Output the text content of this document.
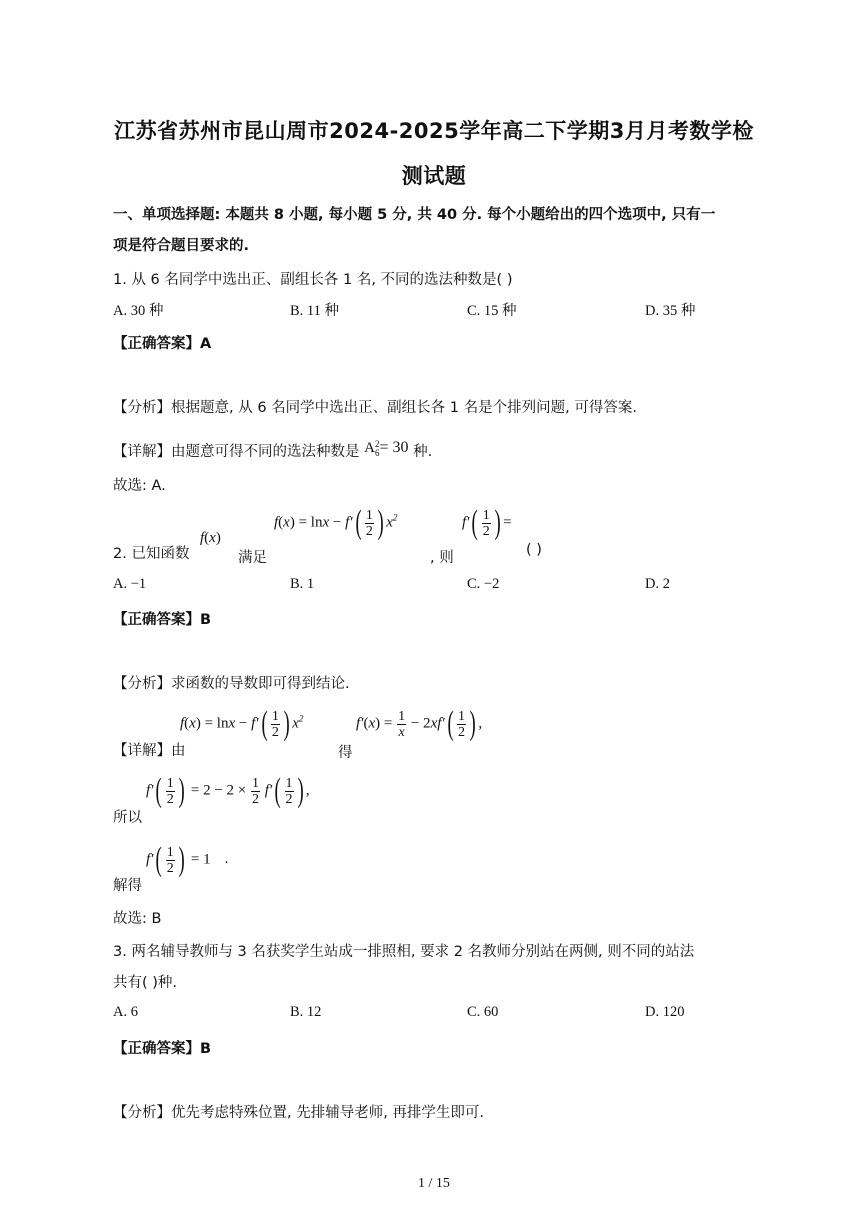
江苏省苏州市昆山周市2024-2025学年高二下学期3月月考数学检
测试题
一、单项选择题: 本题共 8 小题, 每小题 5 分, 共 40 分. 每个小题给出的四个选项中, 只有一
项是符合题目要求的.
1. 从 6 名同学中选出正、副组长各 1 名, 不同的选法种数是( )
A. 30 种	B. 11 种	C. 15 种	D. 35 种
【正确答案】A
【分析】根据题意, 从 6 名同学中选出正、副组长各 1 名是个排列问题, 可得答案.
【详解】由题意可得不同的选法种数是 A 2
6 = 30 种.
故选: A.
2. 已知函数
f(x)
满足
$f(x) = \ln x - f'( \frac{1}{2}$ ) $x^2$
, 则
$f'( \frac{1}{2}$ ) =
( )
A. −1	B. 1	C. −2	D. 2
【正确答案】B
【分析】求函数的导数即可得到结论.
【详解】由
$f(x) = \ln x - f'( \frac{1}{2}$ ) $x^2$
得
$f'(x) = \frac{1}{x} - 2xf'( \frac{1}{2}$ ) ,
所以
$f'( \frac{1}{2}$ ) = $2 - 2 \times \frac{1}{2} f'( \frac{1}{2}$ ) ,
解得
$f'( \frac{1}{2}$ ) = 1 .
故选: B
3. 两名辅导教师与 3 名获奖学生站成一排照相, 要求 2 名教师分别站在两侧, 则不同的站法
共有( )种.
A. 6	B. 12	C. 60	D. 120
【正确答案】B
【分析】优先考虑特殊位置, 先排辅导老师, 再排学生即可.
1 / 15
